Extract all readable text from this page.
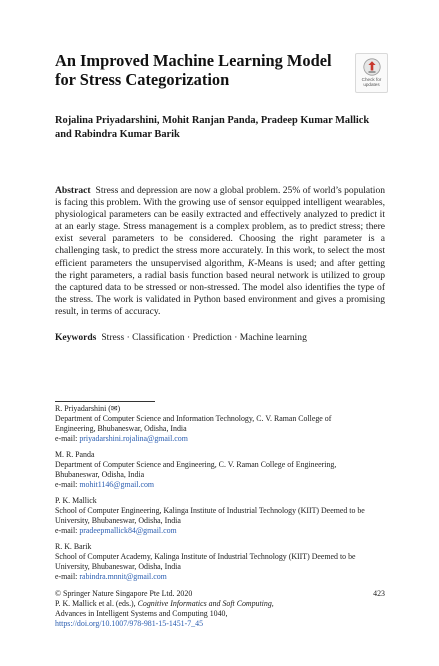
An Improved Machine Learning Model
for Stress Categorization	Check for
updates
Rojalina Priyadarshini, Mohit Ranjan Panda, Pradeep Kumar Mallick
and Rabindra Kumar Barik
Abstract Stress and depression are now a global problem. 25% of world’s population is facing this problem. With the growing use of sensor equipped intelligent wearables, physiological parameters can be easily extracted and effectively analyzed to predict it at an early stage. Stress management is a complex problem, as to predict stress; there exist several parameters to be considered. Choosing the right parameter is a challenging task, to predict the stress more accurately. In this work, to select the most efficient parameters the unsupervised algorithm, K-Means is used; and after getting the right parameters, a radial basis function based neural network is utilized to group the captured data to be stressed or non-stressed. The model also identifies the type of the stress. The work is validated in Python based environment and gives a promising result, in terms of accuracy.
Keywords Stress · Classification · Prediction · Machine learning
R. Priyadarshini (✉)
Department of Computer Science and Information Technology, C. V. Raman College of
Engineering, Bhubaneswar, Odisha, India
e-mail: priyadarshini.rojalina@gmail.com
M. R. Panda
Department of Computer Science and Engineering, C. V. Raman College of Engineering,
Bhubaneswar, Odisha, India
e-mail: mohit1146@gmail.com
P. K. Mallick
School of Computer Engineering, Kalinga Institute of Industrial Technology (KIIT) Deemed to be
University, Bhubaneswar, Odisha, India
e-mail: pradeepmallick84@gmail.com
R. K. Barik
School of Computer Academy, Kalinga Institute of Industrial Technology (KIIT) Deemed to be
University, Bhubaneswar, Odisha, India
e-mail: rabindra.mnnit@gmail.com
© Springer Nature Singapore Pte Ltd. 2020
P. K. Mallick et al. (eds.), Cognitive Informatics and Soft Computing,
Advances in Intelligent Systems and Computing 1040,
https://doi.org/10.1007/978-981-15-1451-7_45
423
